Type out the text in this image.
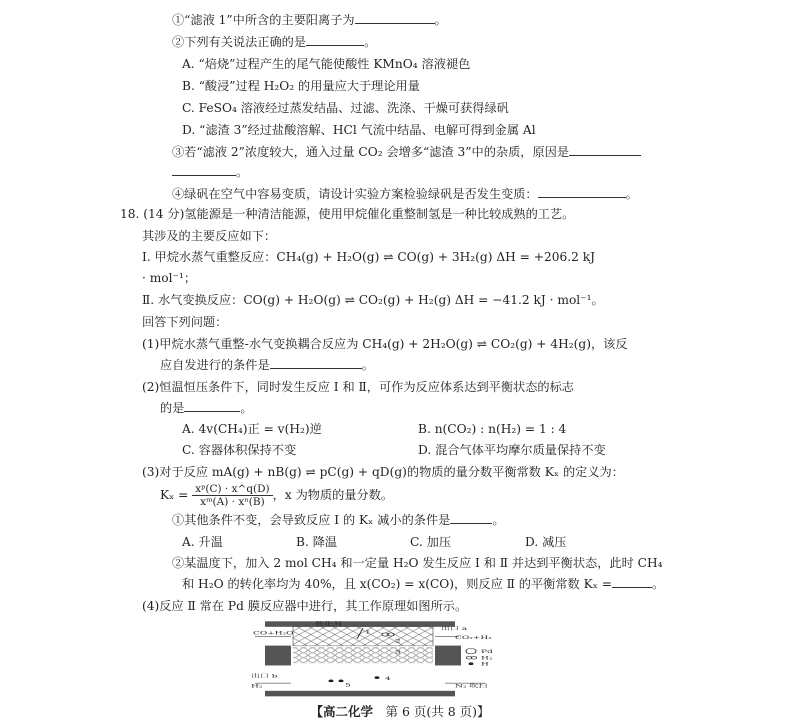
①“滤液 1”中所含的主要阳离子为	。
②下列有关说法正确的是	。
A. “焙烧”过程产生的尾气能使酸性 KMnO₄ 溶液褪色
B. “酸浸”过程 H₂O₂ 的用量应大于理论用量
C. FeSO₄ 溶液经过蒸发结晶、过滤、洗涤、干燥可获得绿矾
D. “滤渣 3”经过盐酸溶解、HCl 气流中结晶、电解可得到金属 Al
③若“滤液 2”浓度较大，通入过量 CO₂ 会增多“滤渣 3”中的杂质，原因是
。
④绿矾在空气中容易变质，请设计实验方案检验绿矾是否发生变质：	。
18. (14 分)氢能源是一种清洁能源，使用甲烷催化重整制氢是一种比较成熟的工艺。
其涉及的主要反应如下：
Ⅰ. 甲烷水蒸气重整反应：CH₄(g) + H₂O(g) ⇌ CO(g) + 3H₂(g) ΔH = +206.2 kJ
· mol⁻¹；
Ⅱ. 水气变换反应：CO(g) + H₂O(g) ⇌ CO₂(g) + H₂(g) ΔH = −41.2 kJ · mol⁻¹。
回答下列问题：
(1)甲烷水蒸气重整-水气变换耦合反应为 CH₄(g) + 2H₂O(g) ⇌ CO₂(g) + 4H₂(g)，该反
应自发进行的条件是	。
(2)恒温恒压条件下，同时发生反应 Ⅰ 和 Ⅱ，可作为反应体系达到平衡状态的标志
的是	。
A. 4v(CH₄)正 = v(H₂)逆	B. n(CO₂) : n(H₂) = 1 : 4
C. 容器体积保持不变	D. 混合气体平均摩尔质量保持不变
(3)对于反应 mA(g) + nB(g) ⇌ pC(g) + qD(g)的物质的量分数平衡常数 Kₓ 的定义为：
$K_x = \frac{\text{xᵖ(C) · x\textasciicircum{}q(D)}}{\text{xᵐ(A) · xⁿ(B)}}$ ，x 为物质的量分数。
①其他条件不变，会导致反应 Ⅰ 的 Kₓ 减小的条件是	。
A. 升温	B. 降温	C. 加压	D. 减压
②某温度下，加入 2 mol CH₄ 和一定量 H₂O 发生反应 Ⅰ 和 Ⅱ 并达到平衡状态，此时 CH₄
和 H₂O 的转化率均为 40%，且 x(CO₂) = x(CO)，则反应 Ⅱ 的平衡常数 Kₓ =	。
(4)反应 Ⅱ 常在 Pd 膜反应器中进行，其工作原理如图所示。
催化剂
CO+H₂O
出口 a
CO₂+H₂
出口 b
H₂	N₂ 吹扫
Pd
H₂
H
1
2
3
4
5
【高二化学　 第 6 页(共 8 页)】
